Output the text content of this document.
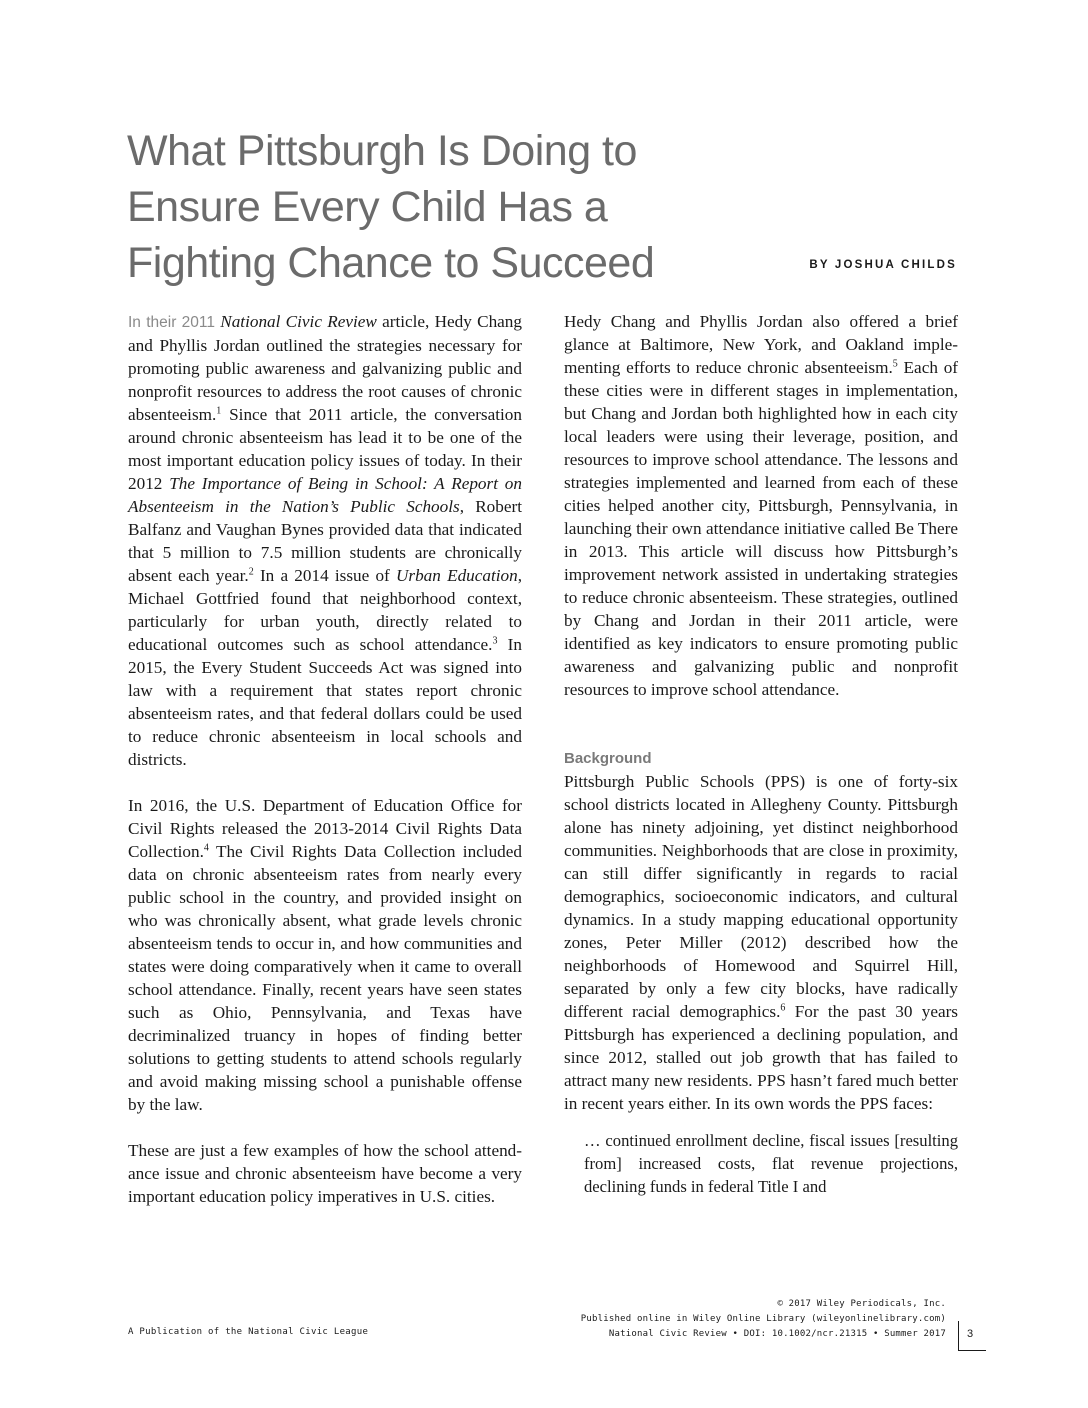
What Pittsburgh Is Doing to
Ensure Every Child Has a
Fighting Chance to Succeed	BY JOSHUA CHILDS

In their 2011 National Civic Review article, Hedy Chang and Phyllis Jordan outlined the strategies necessary for promoting public awareness and galvanizing public and nonprofit resources to address the root causes of chronic absenteeism.$^1$ Since that 2011 article, the conversation around chronic absenteeism has lead it to be one of the most important education policy issues of today. In their 2012 The Importance of Being in School: A Report on Absenteeism in the Nation’s Public Schools, Robert Balfanz and Vaughan Bynes provided data that indicated that 5 million to 7.5 million students are chronically absent each year.$^2$ In a 2014 issue of Urban Education, Michael Gottfried found that neighborhood context, particularly for urban youth, directly related to educational outcomes such as school attendance.$^3$ In 2015, the Every Student Succeeds Act was signed into law with a requirement that states report chronic absenteeism rates, and that federal dollars could be used to reduce chronic absenteeism in local schools and districts.

In 2016, the U.S. Department of Education Office for Civil Rights released the 2013-2014 Civil Rights Data Collection.$^4$ The Civil Rights Data Collection included data on chronic absenteeism rates from nearly every public school in the country, and provided insight on who was chronically absent, what grade levels chronic absenteeism tends to occur in, and how communities and states were doing comparatively when it came to overall school attendance. Finally, recent years have seen states such as Ohio, Pennsylvania, and Texas have decriminalized truancy in hopes of finding better solutions to getting students to attend schools regularly and avoid making missing school a punishable offense by the law.

These are just a few examples of how the school attendance issue and chronic absenteeism have become a very important education policy imperatives in U.S. cities.

Hedy Chang and Phyllis Jordan also offered a brief glance at Baltimore, New York, and Oakland implementing efforts to reduce chronic absenteeism.$^5$ Each of these cities were in different stages in implementation, but Chang and Jordan both highlighted how in each city local leaders were using their leverage, position, and resources to improve school attendance. The lessons and strategies implemented and learned from each of these cities helped another city, Pittsburgh, Pennsylvania, in launching their own attendance initiative called Be There in 2013. This article will discuss how Pittsburgh’s improvement network assisted in undertaking strategies to reduce chronic absenteeism. These strategies, outlined by Chang and Jordan in their 2011 article, were identified as key indicators to ensure promoting public awareness and galvanizing public and nonprofit resources to improve school attendance.

Background

Pittsburgh Public Schools (PPS) is one of forty-six school districts located in Allegheny County. Pittsburgh alone has ninety adjoining, yet distinct neighborhood communities. Neighborhoods that are close in proximity, can still differ significantly in regards to racial demographics, socioeconomic indicators, and cultural dynamics. In a study mapping educational opportunity zones, Peter Miller (2012) described how the neighborhoods of Homewood and Squirrel Hill, separated by only a few city blocks, have radically different racial demographics.$^6$ For the past 30 years Pittsburgh has experienced a declining population, and since 2012, stalled out job growth that has failed to attract many new residents. PPS hasn’t fared much better in recent years either. In its own words the PPS faces:

… continued enrollment decline, fiscal issues [resulting from] increased costs, flat revenue projections, declining funds in federal Title I and

A Publication of the National Civic League
© 2017 Wiley Periodicals, Inc.
Published online in Wiley Online Library (wileyonlinelibrary.com)
National Civic Review • DOI: 10.1002/ncr.21315 • Summer 2017 3
